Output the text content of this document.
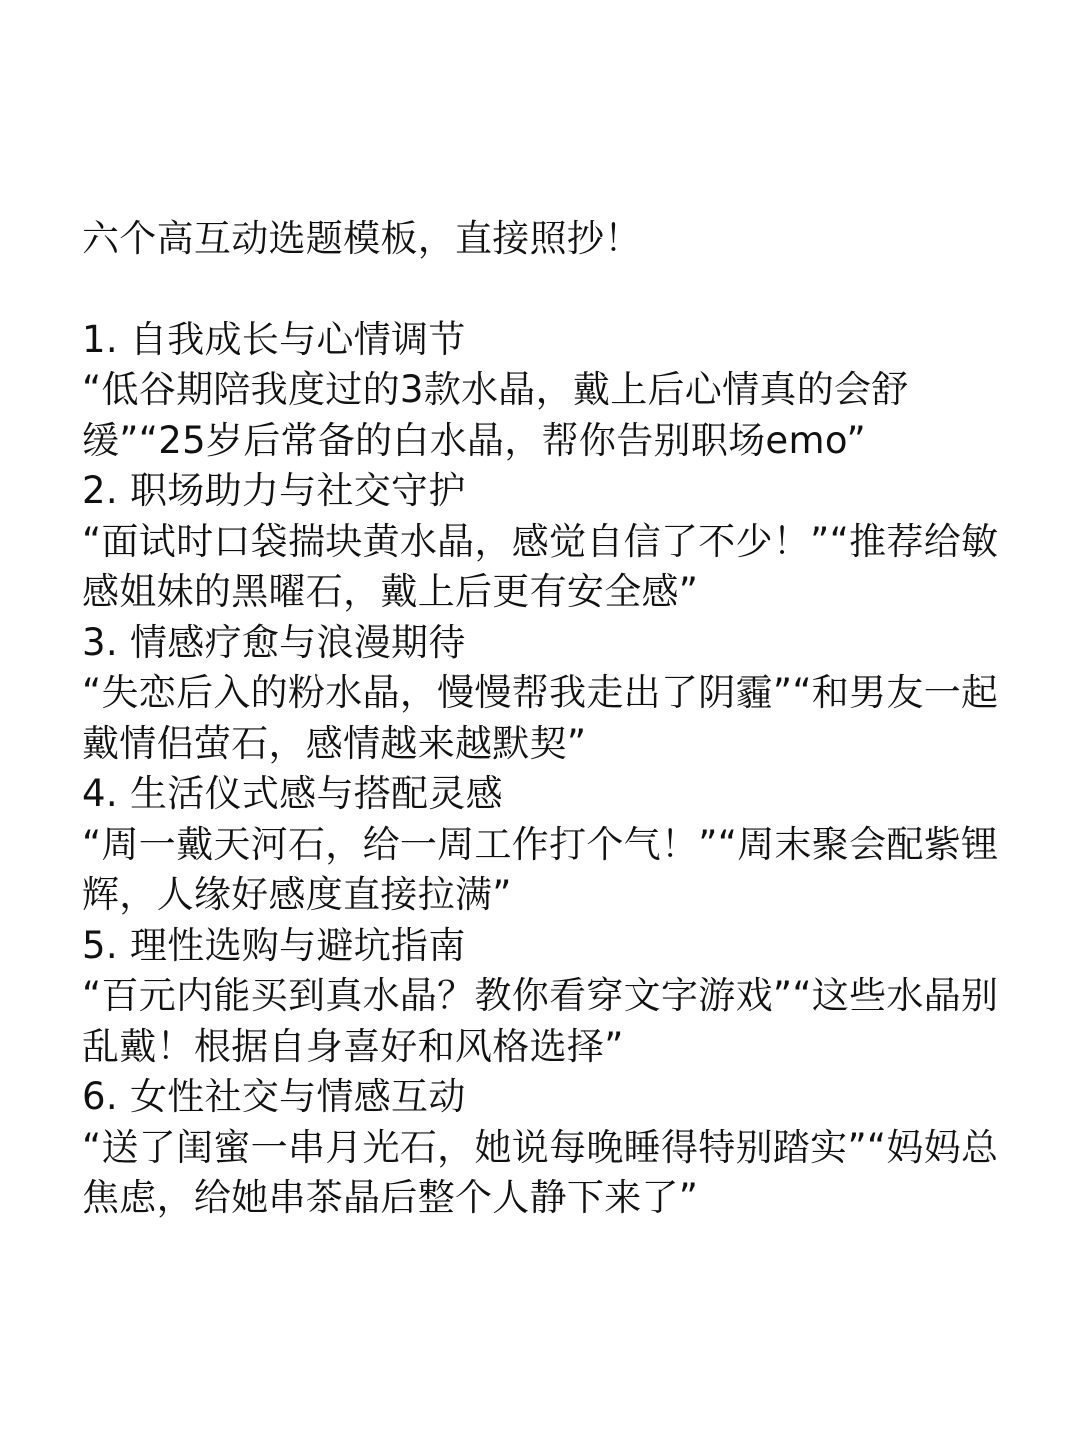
六个高互动选题模板，直接照抄！
1. 自我成长与心情调节
“低谷期陪我度过的3款水晶，戴上后心情真的会舒缓”“25岁后常备的白水晶，帮你告别职场emo”
2. 职场助力与社交守护
“面试时口袋揣块黄水晶，感觉自信了不少！”“推荐给敏感姐妹的黑曜石，戴上后更有安全感”
3. 情感疗愈与浪漫期待
“失恋后入的粉水晶，慢慢帮我走出了阴霾”“和男友一起戴情侣萤石，感情越来越默契”
4. 生活仪式感与搭配灵感
“周一戴天河石，给一周工作打个气！”“周末聚会配紫锂辉，人缘好感度直接拉满”
5. 理性选购与避坑指南
“百元内能买到真水晶？教你看穿文字游戏”“这些水晶别乱戴！根据自身喜好和风格选择”
6. 女性社交与情感互动
“送了闺蜜一串月光石，她说每晚睡得特别踏实”“妈妈总焦虑，给她串茶晶后整个人静下来了”
